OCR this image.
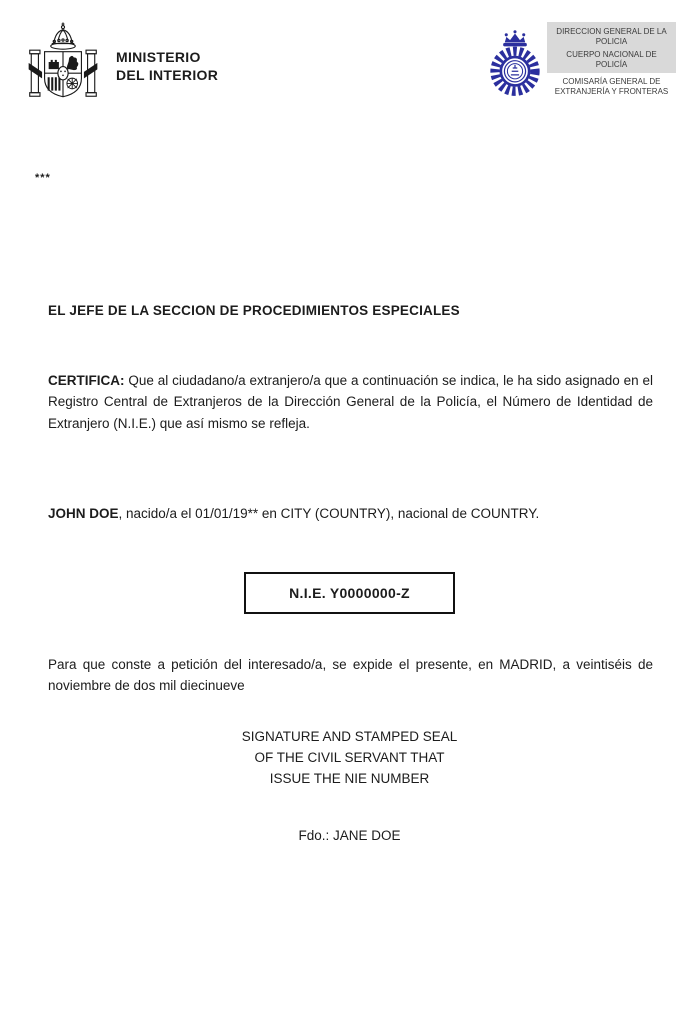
MINISTERIO
DEL INTERIOR
DIRECCION GENERAL DE LA POLICIA
CUERPO NACIONAL DE POLICÍA
COMISARÍA GENERAL DE EXTRANJERÍA Y FRONTERAS
***
EL JEFE DE LA SECCION DE PROCEDIMIENTOS ESPECIALES

CERTIFICA: Que al ciudadano/a extranjero/a que a continuación se indica, le ha sido asignado en el Registro Central de Extranjeros de la Dirección General de la Policía, el Número de Identidad de Extranjero (N.I.E.) que así mismo se refleja.

JOHN DOE, nacido/a el 01/01/19** en CITY (COUNTRY), nacional de COUNTRY.

N.I.E. Y0000000-Z

Para que conste a petición del interesado/a, se expide el presente, en MADRID, a veintiséis de noviembre de dos mil diecinueve

SIGNATURE AND STAMPED SEAL
OF THE CIVIL SERVANT THAT
ISSUE THE NIE NUMBER
Fdo.: JANE DOE
